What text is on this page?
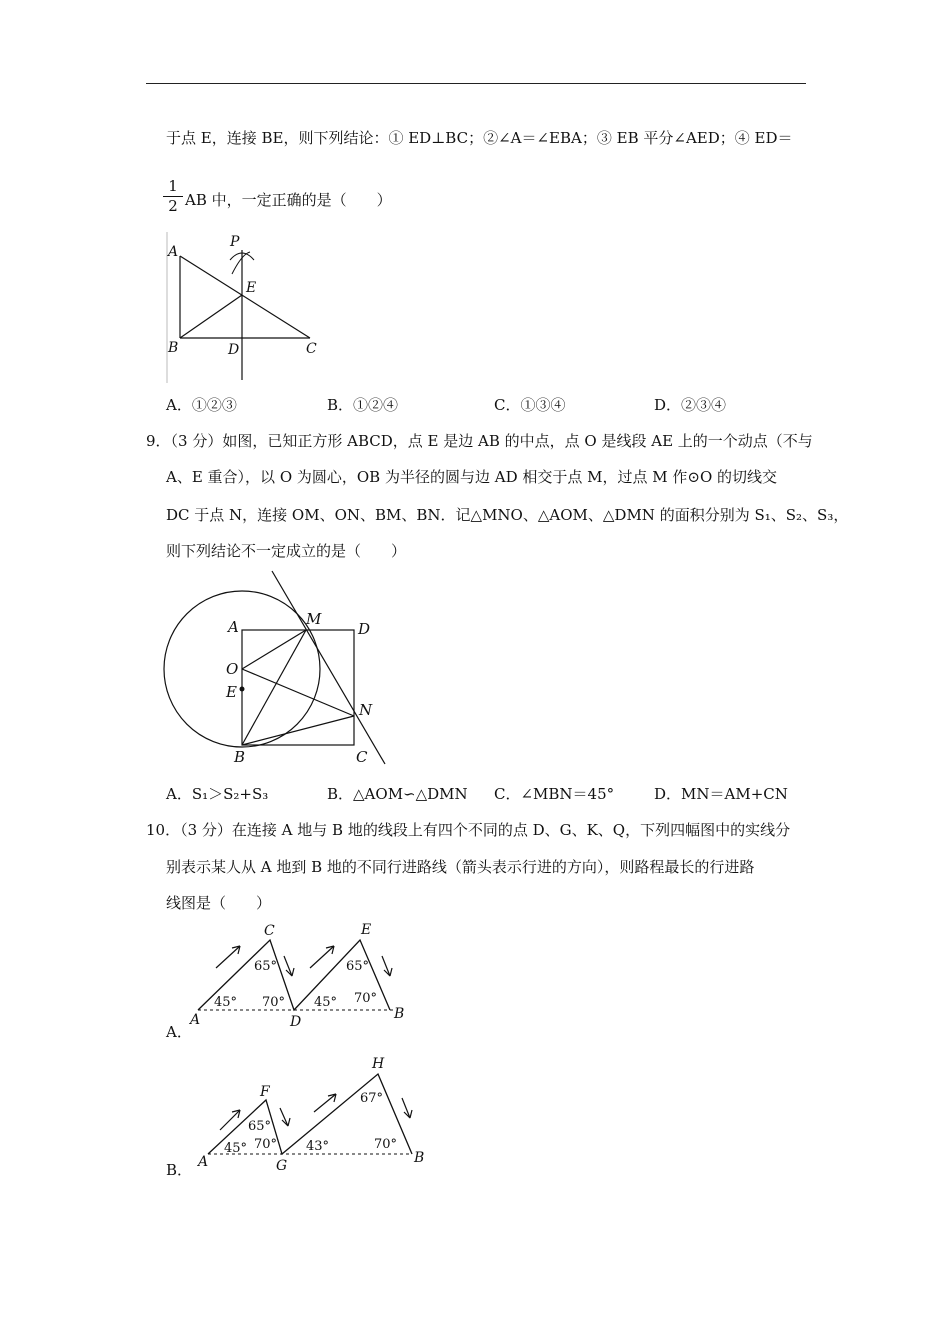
于点 E，连接 BE，则下列结论：① ED⊥BC；②∠A＝∠EBA；③ EB 平分∠AED；④ ED＝
1
2 AB 中，一定正确的是（　　）
A
P
E
B	D	C
A．①②③	B．①②④	C．①③④	D．②③④
9．（3 分）如图，已知正方形 ABCD，点 E 是边 AB 的中点，点 O 是线段 AE 上的一个动点（不与
A、E 重合），以 O 为圆心，OB 为半径的圆与边 AD 相交于点 M，过点 M 作⊙O 的切线交
DC 于点 N，连接 OM、ON、BM、BN．记△MNO、△AOM、△DMN 的面积分别为 S₁、S₂、S₃，
则下列结论不一定成立的是（　　）
A	M
D
O
E
N
B	C
A．S₁＞S₂+S₃	B．△AOM∽△DMN C．∠MBN＝45°	D．MN＝AM+CN
10．（3 分）在连接 A 地与 B 地的线段上有四个不同的点 D、G、K、Q，下列四幅图中的实线分
别表示某人从 A 地到 B 地的不同行进路线（箭头表示行进的方向），则路程最长的行进路
线图是（　　）
A．
A
C
D
E
B
45°
65°
70° 45°
65°
70°
B． A
F
G
H
B
45°
65°
70° 43°
67°
70°
